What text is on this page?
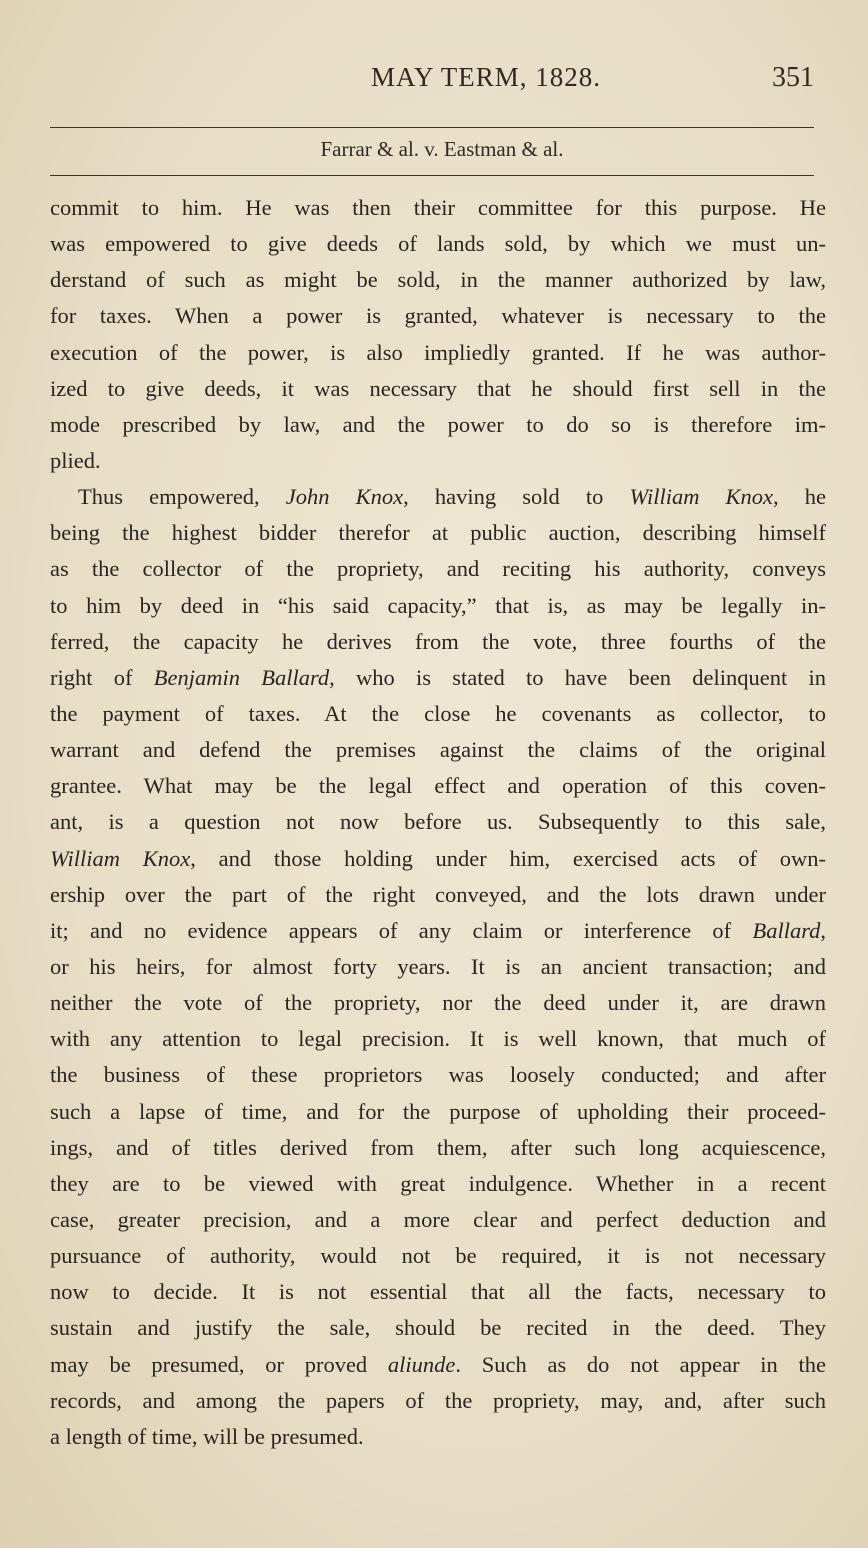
MAY TERM, 1828.	351
Farrar & al. v. Eastman & al.
commit to him. He was then their committee for this purpose. He
was empowered to give deeds of lands sold, by which we must un-
derstand of such as might be sold, in the manner authorized by law,
for taxes. When a power is granted, whatever is necessary to the
execution of the power, is also impliedly granted. If he was author-
ized to give deeds, it was necessary that he should first sell in the
mode prescribed by law, and the power to do so is therefore im-
plied.
Thus empowered, John Knox, having sold to William Knox, he
being the highest bidder therefor at public auction, describing himself
as the collector of the propriety, and reciting his authority, conveys
to him by deed in “his said capacity,” that is, as may be legally in-
ferred, the capacity he derives from the vote, three fourths of the
right of Benjamin Ballard, who is stated to have been delinquent in
the payment of taxes. At the close he covenants as collector, to
warrant and defend the premises against the claims of the original
grantee. What may be the legal effect and operation of this coven-
ant, is a question not now before us. Subsequently to this sale,
William Knox, and those holding under him, exercised acts of own-
ership over the part of the right conveyed, and the lots drawn under
it; and no evidence appears of any claim or interference of Ballard,
or his heirs, for almost forty years. It is an ancient transaction; and
neither the vote of the propriety, nor the deed under it, are drawn
with any attention to legal precision. It is well known, that much of
the business of these proprietors was loosely conducted; and after
such a lapse of time, and for the purpose of upholding their proceed-
ings, and of titles derived from them, after such long acquiescence,
they are to be viewed with great indulgence. Whether in a recent
case, greater precision, and a more clear and perfect deduction and
pursuance of authority, would not be required, it is not necessary
now to decide. It is not essential that all the facts, necessary to
sustain and justify the sale, should be recited in the deed. They
may be presumed, or proved aliunde. Such as do not appear in the
records, and among the papers of the propriety, may, and, after such
a length of time, will be presumed.
